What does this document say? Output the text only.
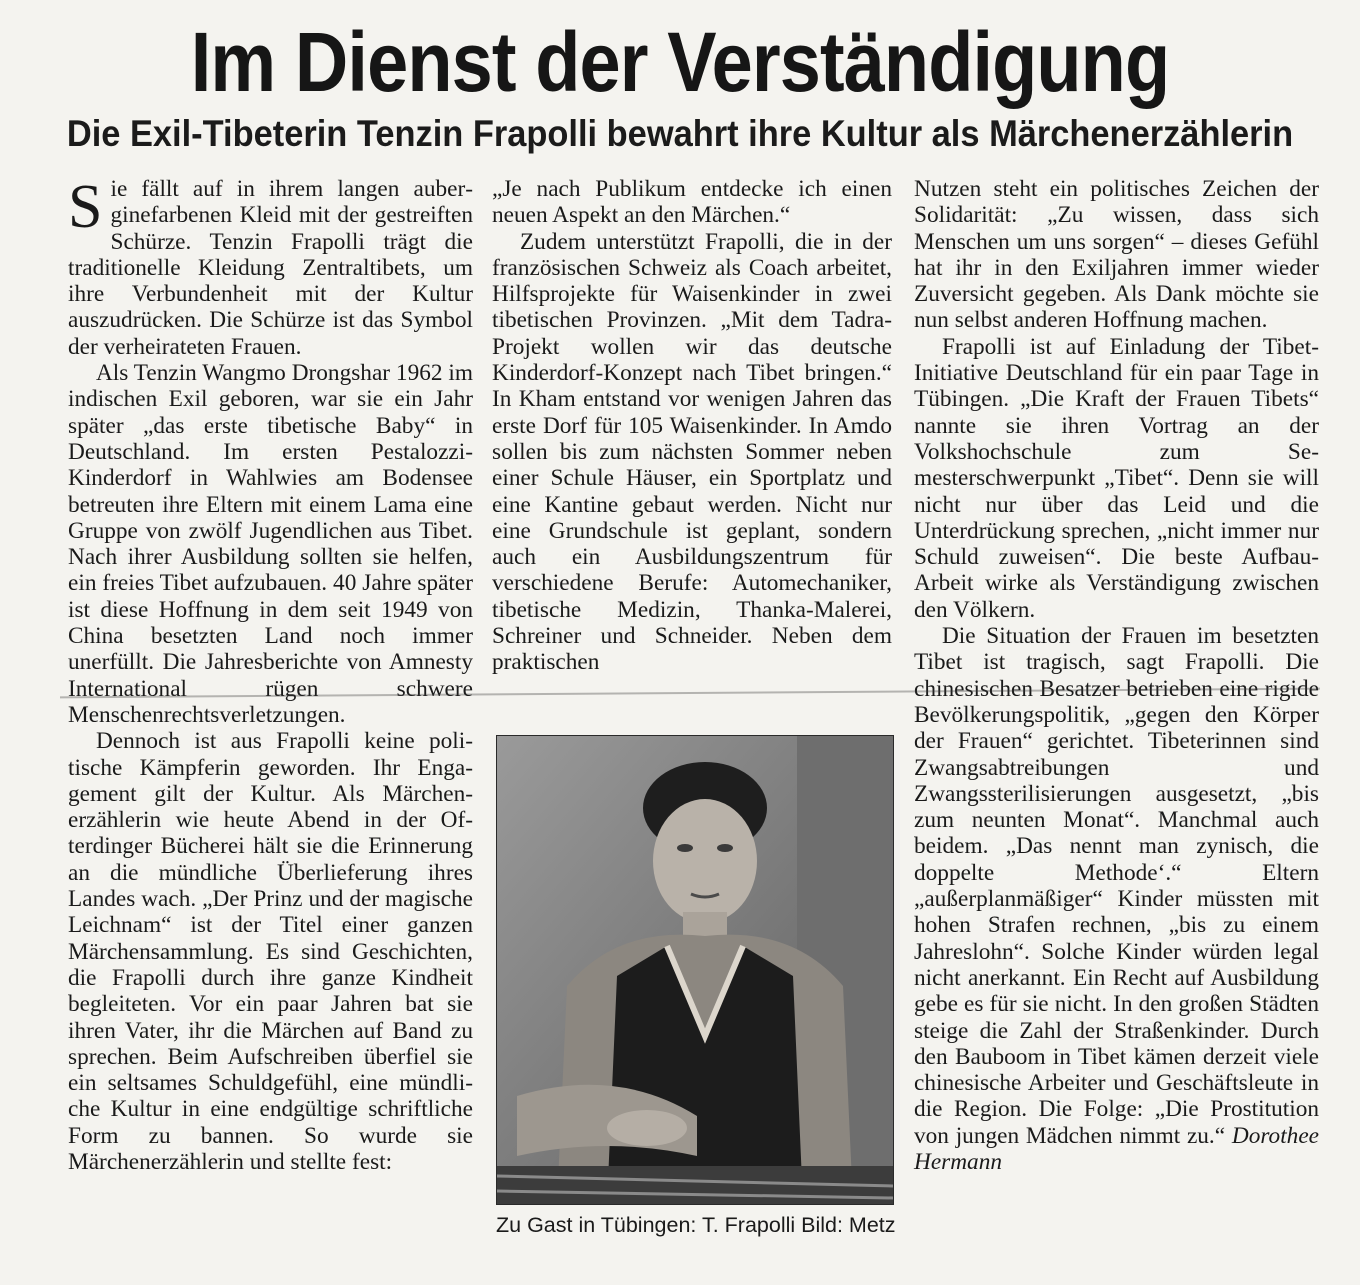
Im Dienst der Verständigung
Die Exil-Tibeterin Tenzin Frapolli bewahrt ihre Kultur als Märchenerzählerin

Sie fällt auf in ihrem langen auberginefarbenen Kleid mit der gestreiften Schürze. Tenzin Frapolli trägt die traditionelle Kleidung Zentraltibets, um ihre Verbundenheit mit der Kultur auszudrücken. Die Schürze ist das Symbol der verheirateten Frauen.

Als Tenzin Wangmo Drongshar 1962 im indischen Exil geboren, war sie ein Jahr später „das erste tibetische Baby“ in Deutschland. Im ersten Pestalozzi-Kinderdorf in Wahlwies am Bodensee betreuten ihre Eltern mit einem Lama eine Gruppe von zwölf Jugendlichen aus Tibet. Nach ihrer Ausbildung sollten sie helfen, ein freies Tibet aufzubauen. 40 Jahre später ist diese Hoffnung in dem seit 1949 von China besetzten Land noch immer unerfüllt. Die Jahresberichte von Amnesty International rügen schwere Menschenrechtsverletzungen.

Dennoch ist aus Frapolli keine politische Kämpferin geworden. Ihr Engagement gilt der Kultur. Als Märchenerzählerin wie heute Abend in der Ofterdinger Bücherei hält sie die Erinnerung an die mündliche Überlieferung ihres Landes wach. „Der Prinz und der magische Leichnam“ ist der Titel einer ganzen Märchensammlung. Es sind Geschichten, die Frapolli durch ihre ganze Kindheit begleiteten. Vor ein paar Jahren bat sie ihren Vater, ihr die Märchen auf Band zu sprechen. Beim Aufschreiben überfiel sie ein seltsames Schuldgefühl, eine mündliche Kultur in eine endgültige schriftliche Form zu bannen. So wurde sie Märchenerzählerin und stellte fest:

„Je nach Publikum entdecke ich einen neuen Aspekt an den Märchen.“

Zudem unterstützt Frapolli, die in der französischen Schweiz als Coach arbeitet, Hilfsprojekte für Waisenkinder in zwei tibetischen Provinzen. „Mit dem Tadra-Projekt wollen wir das deutsche Kinderdorf-Konzept nach Tibet bringen.“ In Kham entstand vor wenigen Jahren das erste Dorf für 105 Waisenkinder. In Amdo sollen bis zum nächsten Sommer neben einer Schule Häuser, ein Sportplatz und eine Kantine gebaut werden. Nicht nur eine Grundschule ist geplant, sondern auch ein Ausbildungszentrum für verschiedene Berufe: Automechaniker, tibetische Medizin, Thanka-Malerei, Schreiner und Schneider. Neben dem praktischen

Zu Gast in Tübingen: T. Frapolli Bild: Metz

Nutzen steht ein politisches Zeichen der Solidarität: „Zu wissen, dass sich Menschen um uns sorgen“ – dieses Gefühl hat ihr in den Exiljahren immer wieder Zuversicht gegeben. Als Dank möchte sie nun selbst anderen Hoffnung machen.

Frapolli ist auf Einladung der Tibet-Initiative Deutschland für ein paar Tage in Tübingen. „Die Kraft der Frauen Tibets“ nannte sie ihren Vortrag an der Volkshochschule zum Semesterschwerpunkt „Tibet“. Denn sie will nicht nur über das Leid und die Unterdrückung sprechen, „nicht immer nur Schuld zuweisen“. Die beste Aufbau-Arbeit wirke als Verständigung zwischen den Völkern.

Die Situation der Frauen im besetzten Tibet ist tragisch, sagt Frapolli. Die chinesischen Besatzer betrieben eine rigide Bevölkerungspolitik, „gegen den Körper der Frauen“ gerichtet. Tibeterinnen sind Zwangsabtreibungen und Zwangssterilisierungen ausgesetzt, „bis zum neunten Monat“. Manchmal auch beidem. „Das nennt man zynisch, die doppelte Methode‘.“ Eltern „außerplanmäßiger“ Kinder müssten mit hohen Strafen rechnen, „bis zu einem Jahreslohn“. Solche Kinder würden legal nicht anerkannt. Ein Recht auf Ausbildung gebe es für sie nicht. In den großen Städten steige die Zahl der Straßenkinder. Durch den Bauboom in Tibet kämen derzeit viele chinesische Arbeiter und Geschäftsleute in die Region. Die Folge: „Die Prostitution von jungen Mädchen nimmt zu.“ Dorothee Hermann
